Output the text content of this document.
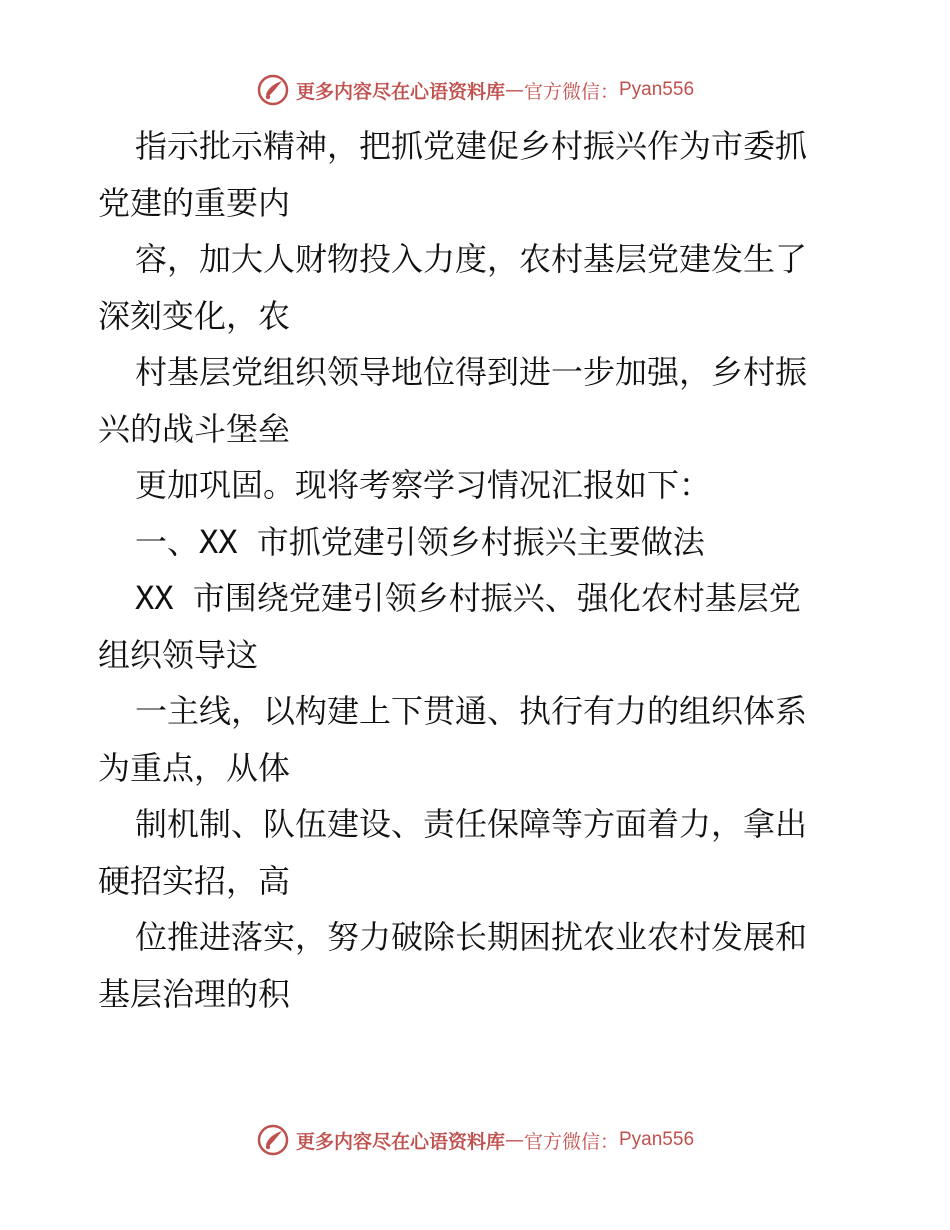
更多内容尽在心语资料库 — 官方微信： Pyan556
指示批示精神，把抓党建促乡村振兴作为市委抓
党建的重要内
容，加大人财物投入力度，农村基层党建发生了
深刻变化，农
村基层党组织领导地位得到进一步加强，乡村振
兴的战斗堡垒
更加巩固。现将考察学习情况汇报如下：
一、XX 市抓党建引领乡村振兴主要做法
XX 市围绕党建引领乡村振兴、强化农村基层党
组织领导这
一主线，以构建上下贯通、执行有力的组织体系
为重点，从体
制机制、队伍建设、责任保障等方面着力，拿出
硬招实招，高
位推进落实，努力破除长期困扰农业农村发展和
基层治理的积
更多内容尽在心语资料库 — 官方微信： Pyan556
